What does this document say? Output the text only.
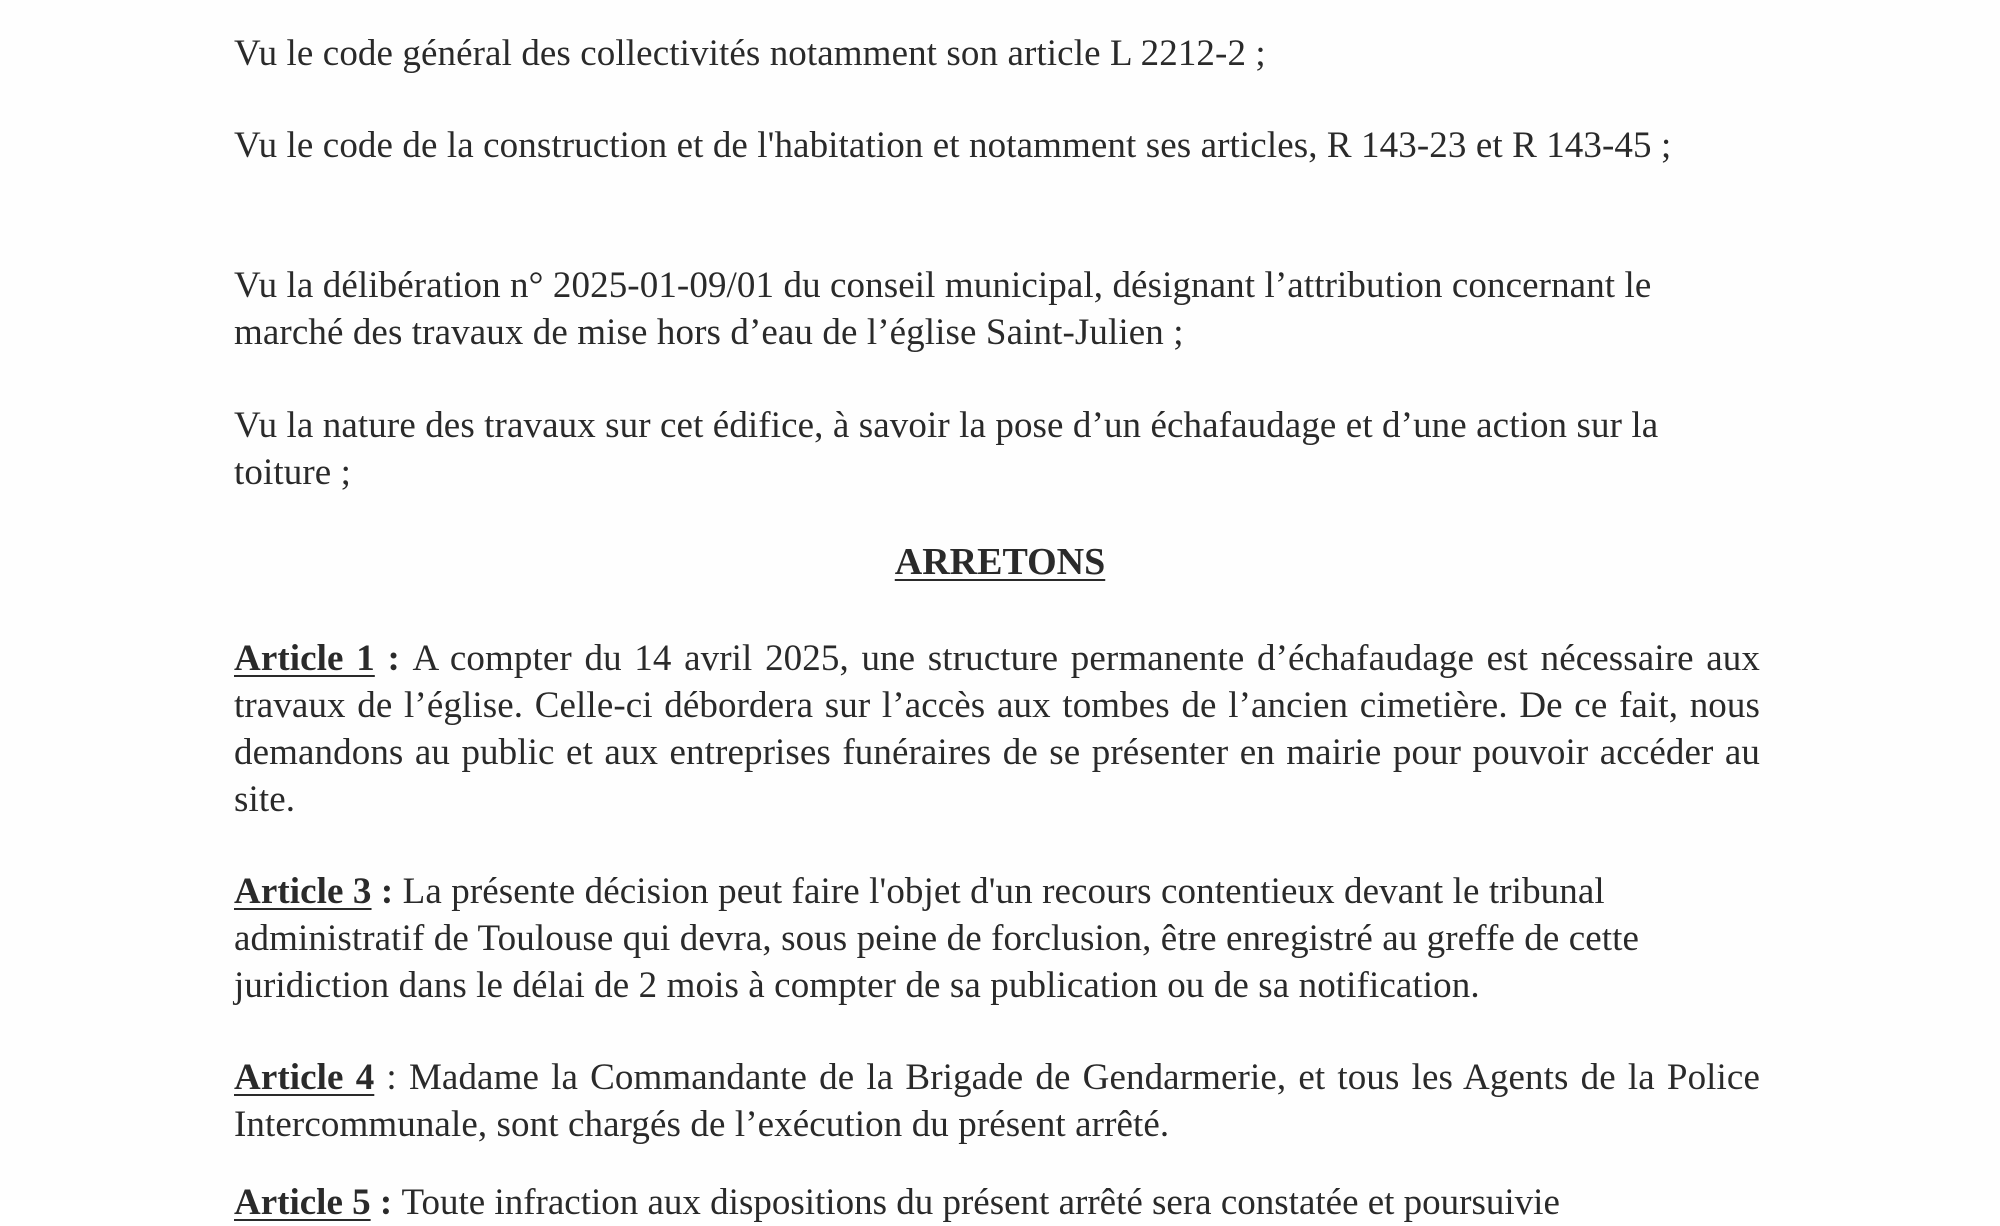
Vu le code général des collectivités notamment son article L 2212-2 ;
Vu le code de la construction et de l'habitation et notamment ses articles, R 143-23 et R 143-45 ;
Vu la délibération n° 2025-01-09/01 du conseil municipal, désignant l’attribution concernant le marché des travaux de mise hors d’eau de l’église Saint-Julien ;
Vu la nature des travaux sur cet édifice, à savoir la pose d’un échafaudage et d’une action sur la toiture ;
ARRETONS
Article 1 : A compter du 14 avril 2025, une structure permanente d’échafaudage est nécessaire aux travaux de l’église. Celle-ci débordera sur l’accès aux tombes de l’ancien cimetière. De ce fait, nous demandons au public et aux entreprises funéraires de se présenter en mairie pour pouvoir accéder au site.
Article 3 : La présente décision peut faire l'objet d'un recours contentieux devant le tribunal administratif de Toulouse qui devra, sous peine de forclusion, être enregistré au greffe de cette juridiction dans le délai de 2 mois à compter de sa publication ou de sa notification.
Article 4 : Madame la Commandante de la Brigade de Gendarmerie, et tous les Agents de la Police Intercommunale, sont chargés de l’exécution du présent arrêté.
Article 5 : Toute infraction aux dispositions du présent arrêté sera constatée et poursuivie
